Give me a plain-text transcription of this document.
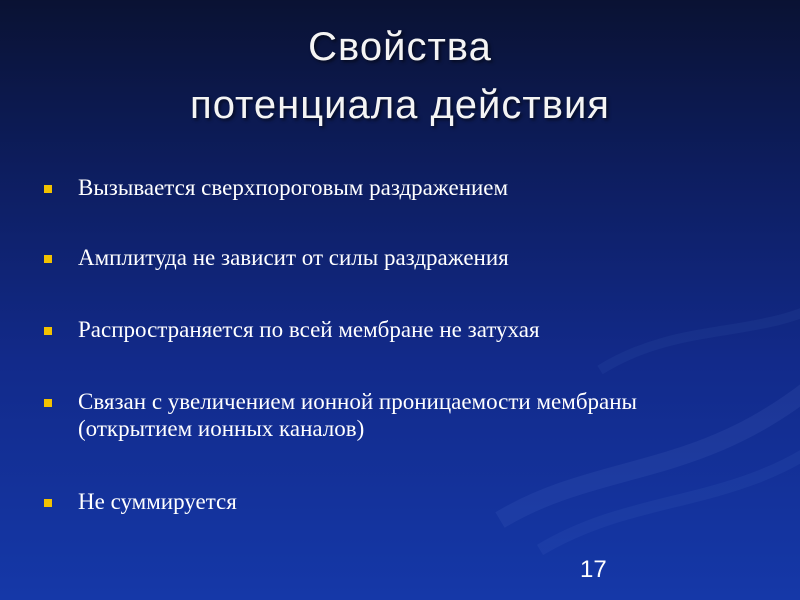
Свойства
потенциала действия
Вызывается сверхпороговым раздражением
Амплитуда не зависит от силы раздражения
Распространяется по всей мембране не затухая
Связан с увеличением ионной проницаемости мембраны (открытием ионных каналов)
Не суммируется
17
